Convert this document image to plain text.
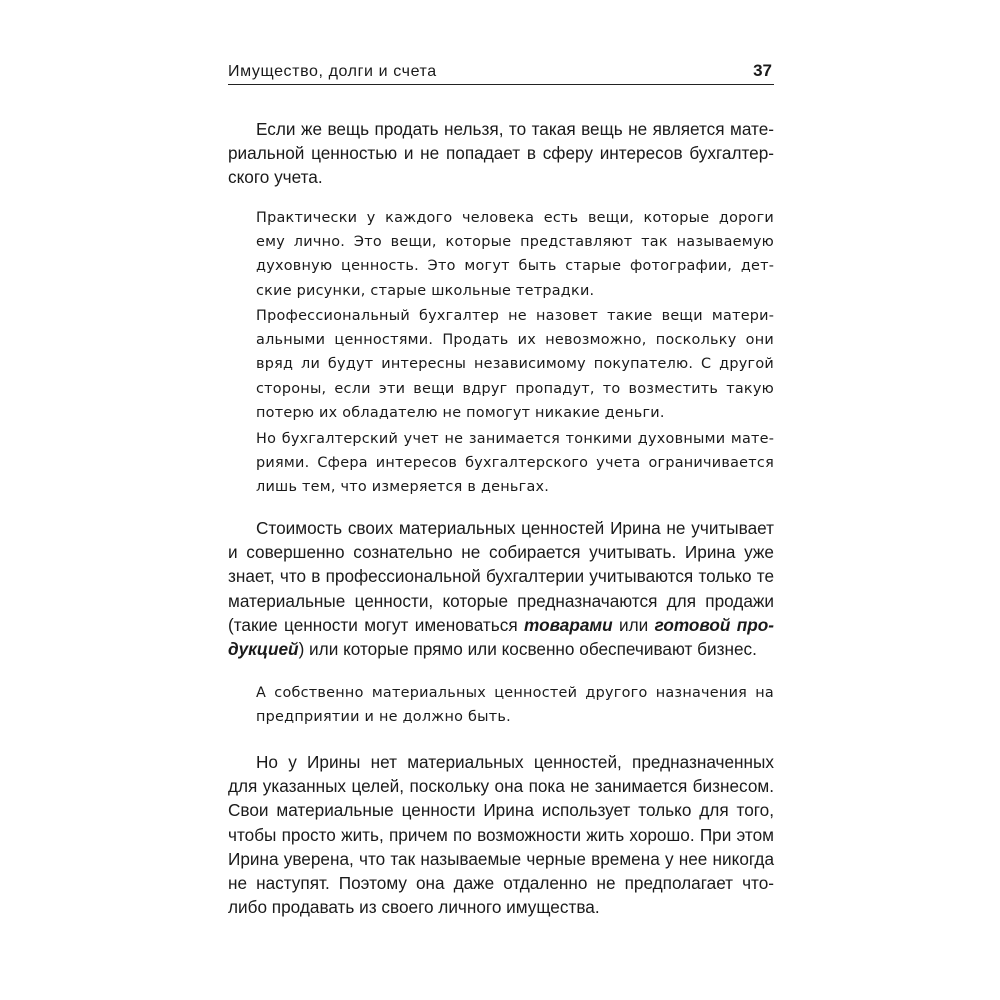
Имущество, долги и счета	37

Если же вещь продать нельзя, то такая вещь не является материальной ценностью и не попадает в сферу интересов бухгалтерского учета.

Практически у каждого человека есть вещи, которые дороги ему лично. Это вещи, которые представляют так называемую духовную ценность. Это могут быть старые фотографии, детские рисунки, старые школьные тетрадки.

Профессиональный бухгалтер не назовет такие вещи материальными ценностями. Продать их невозможно, поскольку они вряд ли будут интересны независимому покупателю. С другой стороны, если эти вещи вдруг пропадут, то возместить такую потерю их обладателю не помогут никакие деньги.

Но бухгалтерский учет не занимается тонкими духовными материями. Сфера интересов бухгалтерского учета ограничивается лишь тем, что измеряется в деньгах.

Стоимость своих материальных ценностей Ирина не учитывает и совершенно сознательно не собирается учитывать. Ирина уже знает, что в профессиональной бухгалтерии учитываются только те материальные ценности, которые предназначаются для продажи (такие ценности могут именоваться товарами или готовой продукцией) или которые прямо или косвенно обеспечивают бизнес.

А собственно материальных ценностей другого назначения на предприятии и не должно быть.

Но у Ирины нет материальных ценностей, предназначенных для указанных целей, поскольку она пока не занимается бизнесом. Свои материальные ценности Ирина использует только для того, чтобы просто жить, причем по возможности жить хорошо. При этом Ирина уверена, что так называемые черные времена у нее никогда не наступят. Поэтому она даже отдаленно не предполагает что-либо продавать из своего личного имущества.
